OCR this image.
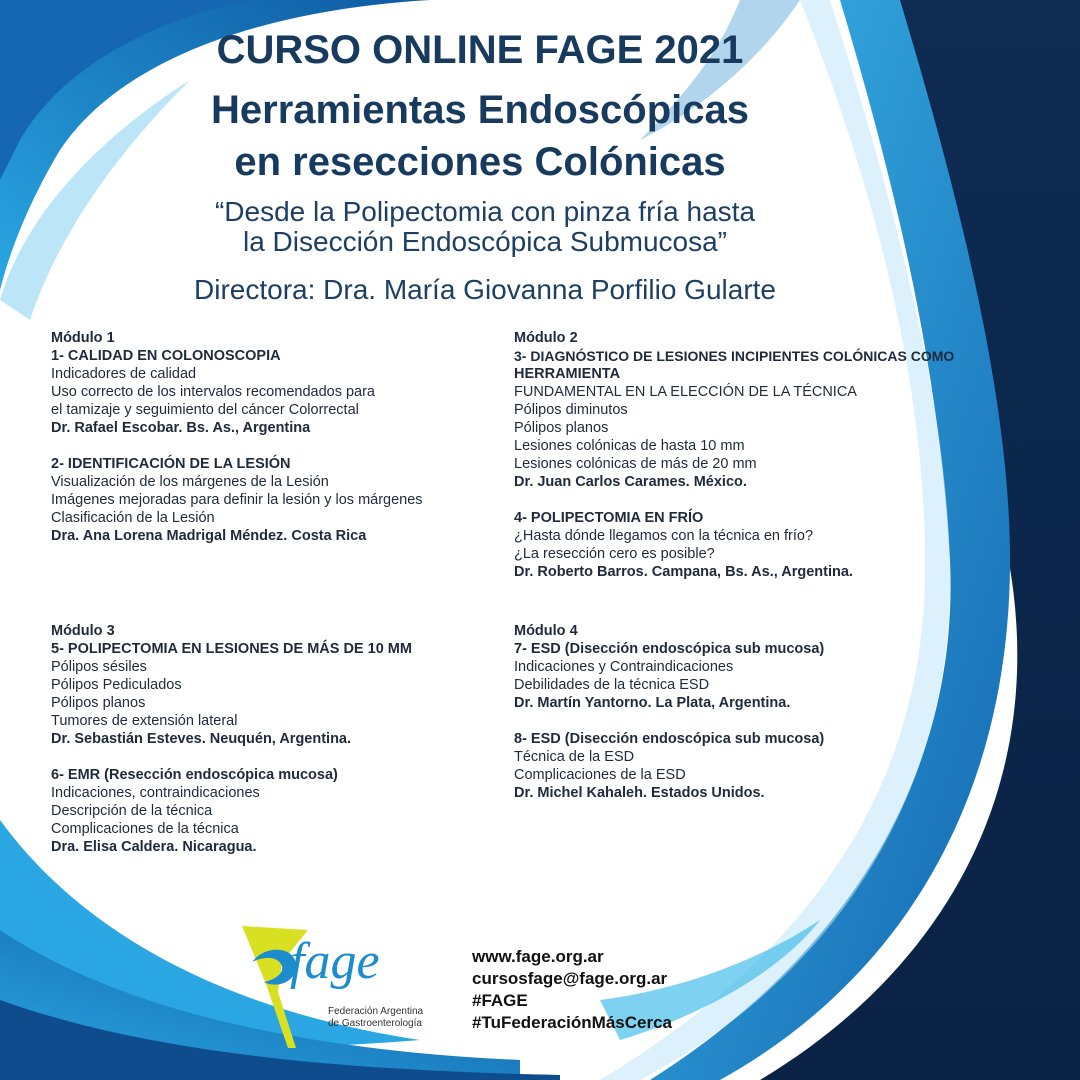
CURSO ONLINE FAGE 2021

Herramientas Endoscópicas

en resecciones Colónicas

“Desde la Polipectomia con pinza fría hasta

la Disección Endoscópica Submucosa”

Directora: Dra. María Giovanna Porfilio Gularte

Módulo 1
1- CALIDAD EN COLONOSCOPIA
Indicadores de calidad
Uso correcto de los intervalos recomendados para
el tamizaje y seguimiento del cáncer Colorrectal
Dr. Rafael Escobar. Bs. As., Argentina
2- IDENTIFICACIÓN DE LA LESIÓN
Visualización de los márgenes de la Lesión
Imágenes mejoradas para definir la lesión y los márgenes
Clasificación de la Lesión
Dra. Ana Lorena Madrigal Méndez. Costa Rica
Módulo 2
3- DIAGNÓSTICO DE LESIONES INCIPIENTES COLÓNICAS COMO
HERRAMIENTA
FUNDAMENTAL EN LA ELECCIÓN DE LA TÉCNICA
Pólipos diminutos
Pólipos planos
Lesiones colónicas de hasta 10 mm
Lesiones colónicas de más de 20 mm
Dr. Juan Carlos Carames. México.
4- POLIPECTOMIA EN FRÍO
¿Hasta dónde llegamos con la técnica en frío?
¿La resección cero es posible?
Dr. Roberto Barros. Campana, Bs. As., Argentina.
Módulo 3
5- POLIPECTOMIA EN LESIONES DE MÁS DE 10 MM
Pólipos sésiles
Pólipos Pediculados
Pólipos planos
Tumores de extensión lateral
Dr. Sebastián Esteves. Neuquén, Argentina.
6- EMR (Resección endoscópica mucosa)
Indicaciones, contraindicaciones
Descripción de la técnica
Complicaciones de la técnica
Dra. Elisa Caldera. Nicaragua.
Módulo 4
7- ESD (Disección endoscópica sub mucosa)
Indicaciones y Contraindicaciones
Debilidades de la técnica ESD
Dr. Martín Yantorno. La Plata, Argentina.
8- ESD (Disección endoscópica sub mucosa)
Técnica de la ESD
Complicaciones de la ESD
Dr. Michel Kahaleh. Estados Unidos.
fage
Federación Argentina
de Gastroenterología
www.fage.org.ar
cursosfage@fage.org.ar
#FAGE
#TuFederaciónMásCerca
